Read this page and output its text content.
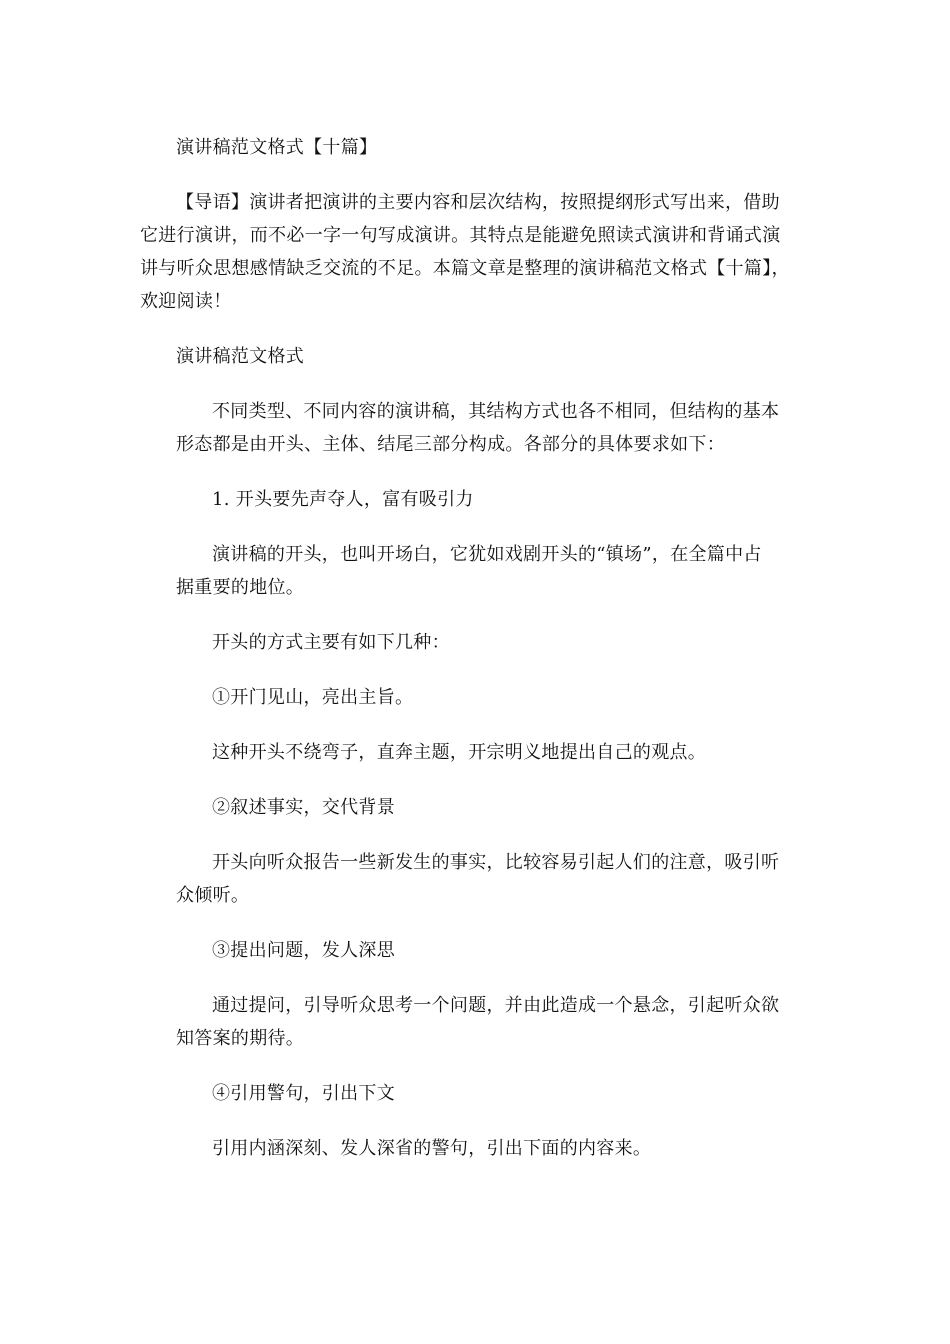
演讲稿范文格式【十篇】
【导语】演讲者把演讲的主要内容和层次结构，按照提纲形式写出来，借助
它进行演讲，而不必一字一句写成演讲。其特点是能避免照读式演讲和背诵式演
讲与听众思想感情缺乏交流的不足。本篇文章是整理的演讲稿范文格式【十篇】，
欢迎阅读！
演讲稿范文格式
不同类型、不同内容的演讲稿，其结构方式也各不相同，但结构的基本
形态都是由开头、主体、结尾三部分构成。各部分的具体要求如下：
1. 开头要先声夺人，富有吸引力
演讲稿的开头，也叫开场白，它犹如戏剧开头的“镇场”，在全篇中占
据重要的地位。
开头的方式主要有如下几种：
①开门见山，亮出主旨。
这种开头不绕弯子，直奔主题，开宗明义地提出自己的观点。
②叙述事实，交代背景
开头向听众报告一些新发生的事实，比较容易引起人们的注意，吸引听
众倾听。
③提出问题，发人深思
通过提问，引导听众思考一个问题，并由此造成一个悬念，引起听众欲
知答案的期待。
④引用警句，引出下文
引用内涵深刻、发人深省的警句，引出下面的内容来。
